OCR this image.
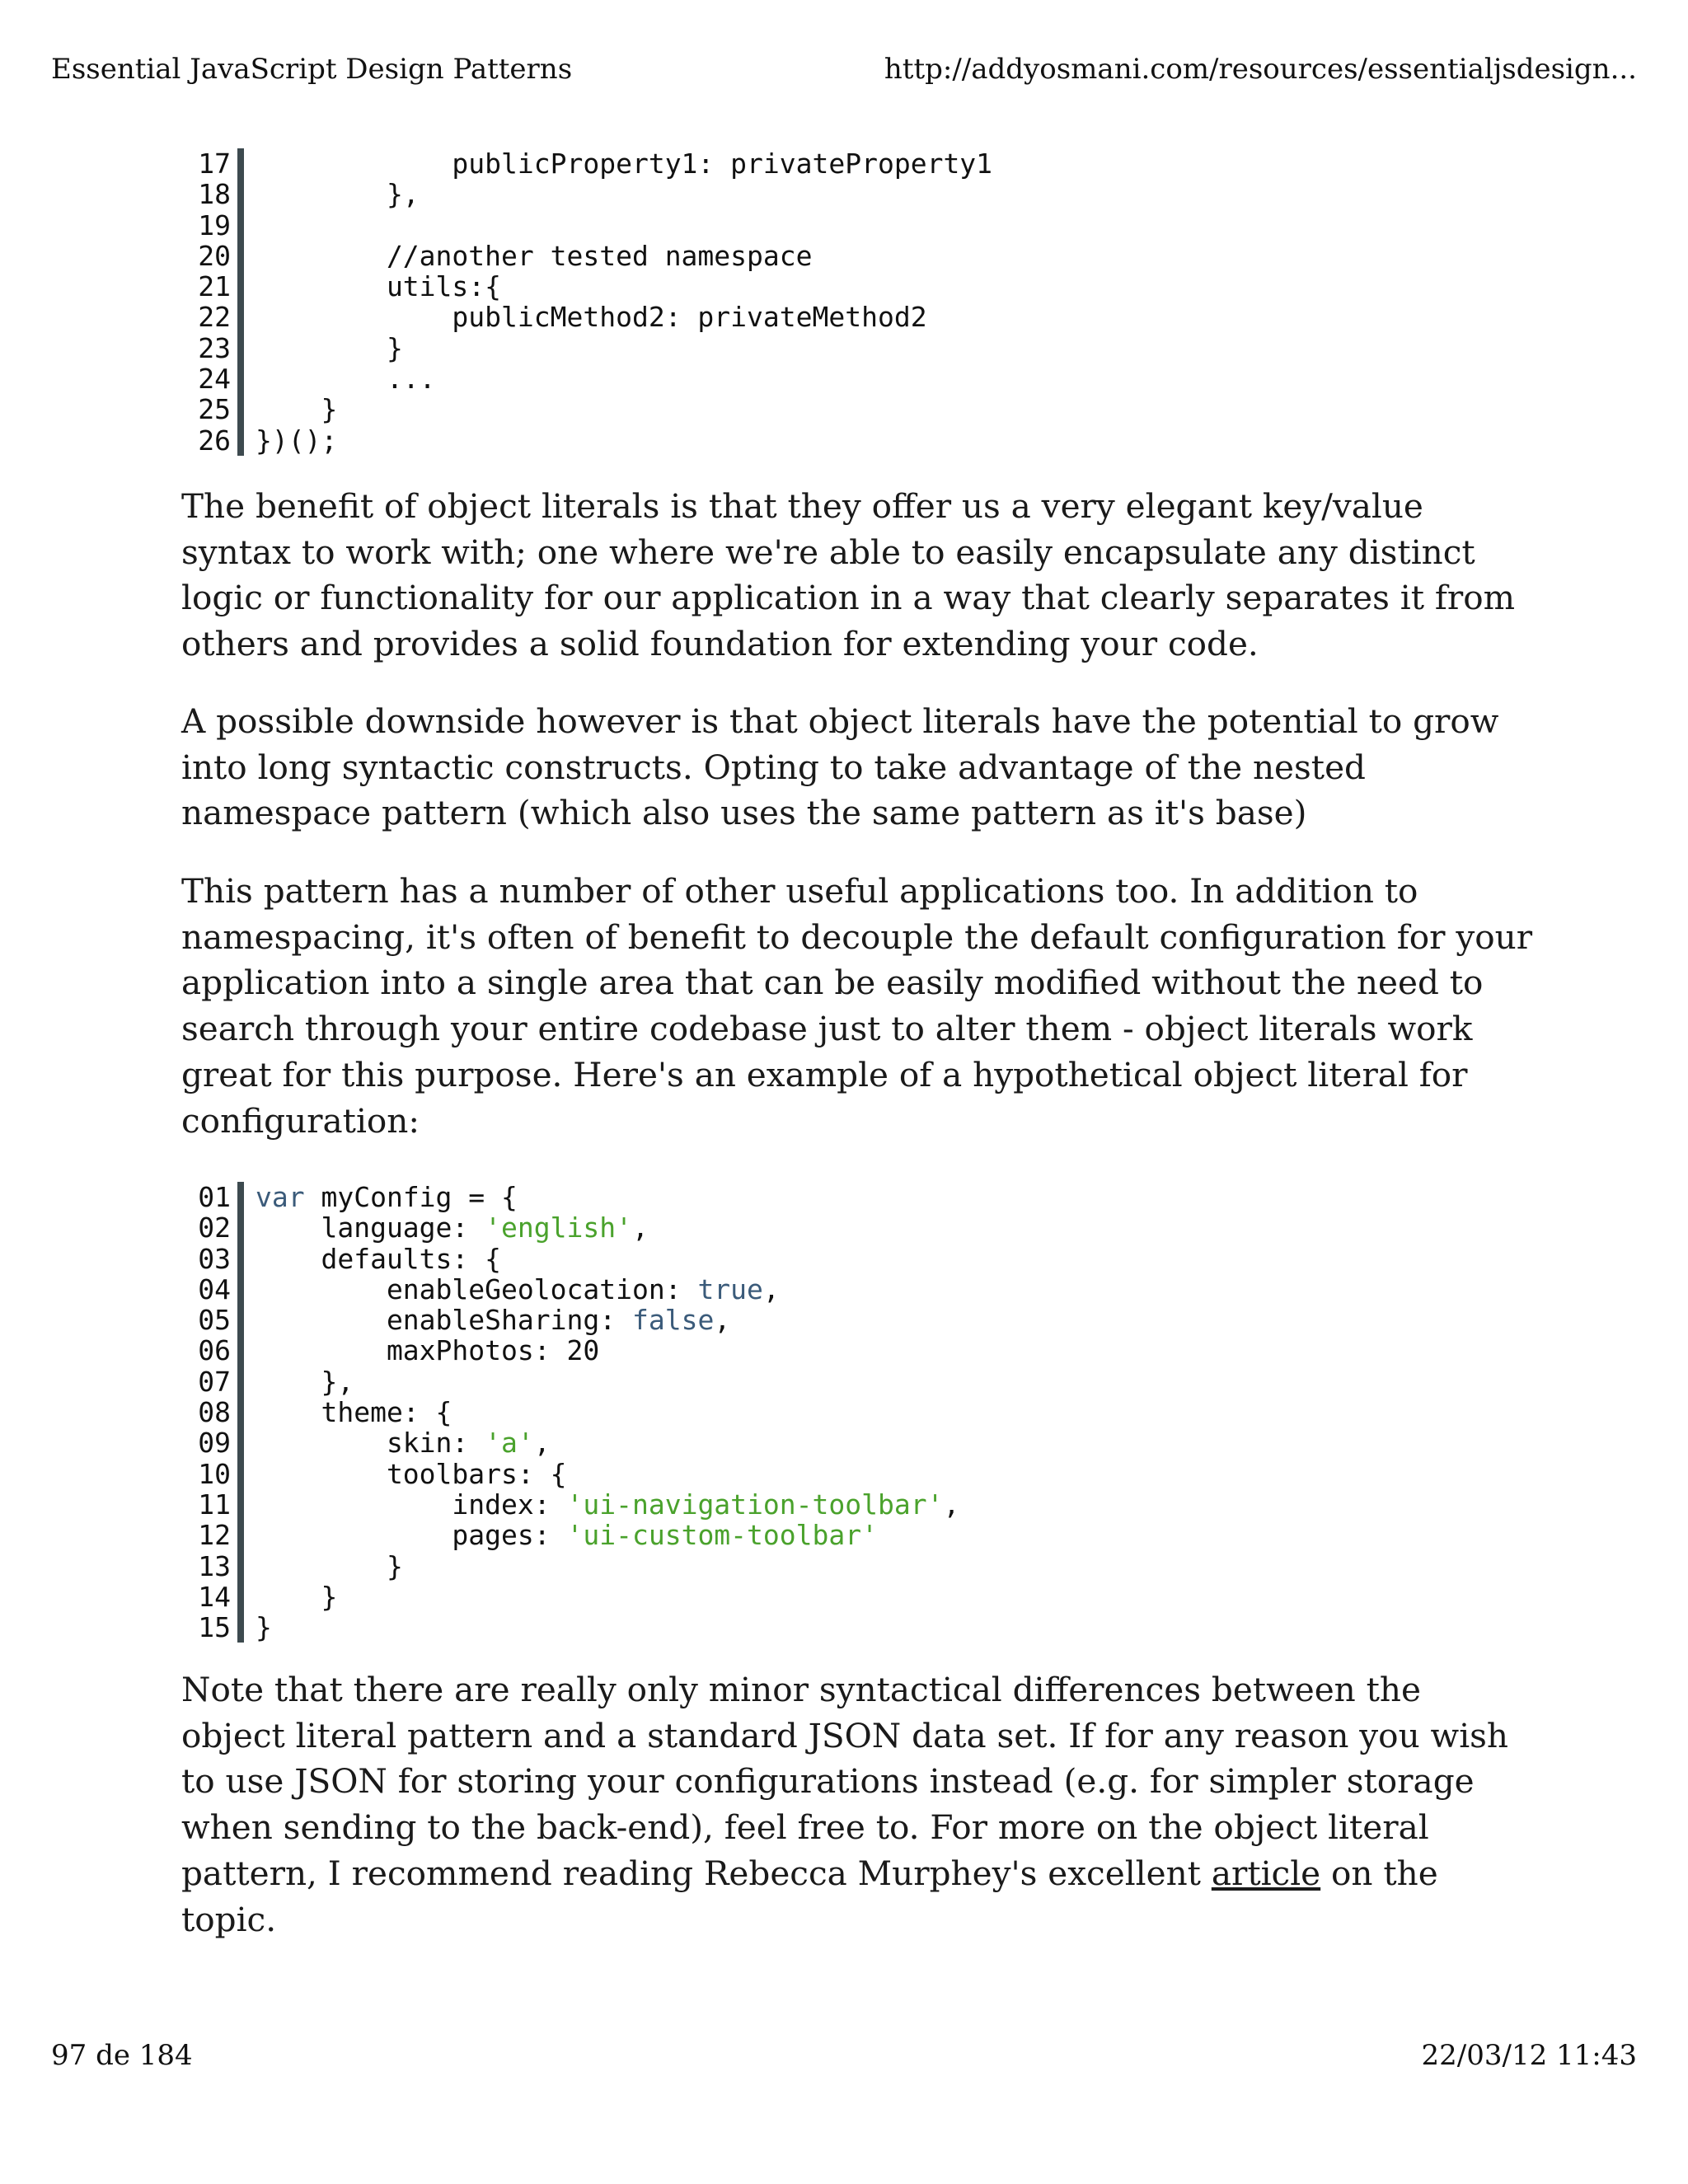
Essential JavaScript Design Patterns	http://addyosmani.com/resources/essentialjsdesign...
17 publicProperty1: privateProperty1
18 },
19
20 //another tested namespace
21 utils:{
22 publicMethod2: privateMethod2
23 }
24 ...
25 }
26 })();

The benefit of object literals is that they offer us a very elegant key/value syntax to work with; one where we're able to easily encapsulate any distinct logic or functionality for our application in a way that clearly separates it from others and provides a solid foundation for extending your code.

A possible downside however is that object literals have the potential to grow into long syntactic constructs. Opting to take advantage of the nested namespace pattern (which also uses the same pattern as it's base)

This pattern has a number of other useful applications too. In addition to namespacing, it's often of benefit to decouple the default configuration for your application into a single area that can be easily modified without the need to search through your entire codebase just to alter them - object literals work great for this purpose. Here's an example of a hypothetical object literal for configuration:

01 var myConfig = {
02 language: 'english',
03 defaults: {
04 enableGeolocation: true,
05 enableSharing: false,
06 maxPhotos: 20
07 },
08 theme: {
09 skin: 'a',
10 toolbars: {
11 index: 'ui-navigation-toolbar',
12 pages: 'ui-custom-toolbar'
13 }
14 }
15 }

Note that there are really only minor syntactical differences between the object literal pattern and a standard JSON data set. If for any reason you wish to use JSON for storing your configurations instead (e.g. for simpler storage when sending to the back-end), feel free to. For more on the object literal pattern, I recommend reading Rebecca Murphey's excellent article on the topic.

97 de 184	22/03/12 11:43
